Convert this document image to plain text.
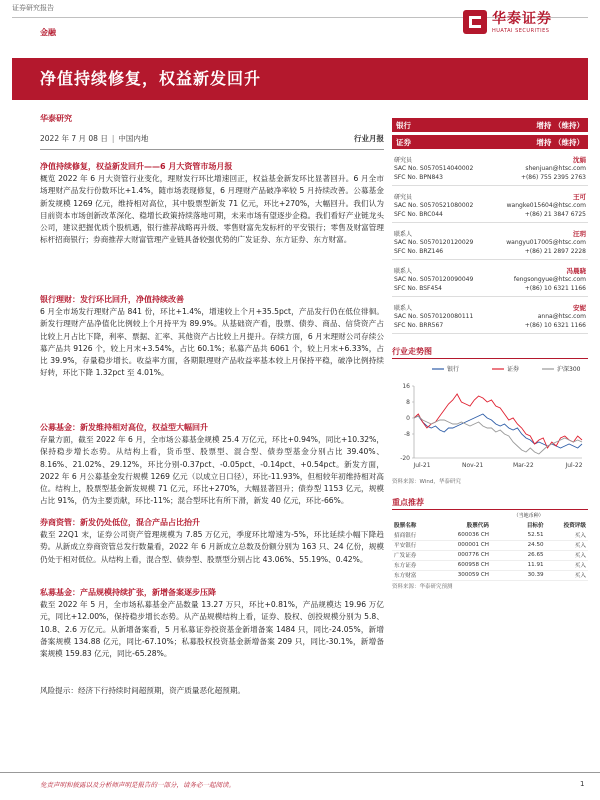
证券研究报告
金融
华泰证券
HUATAI SECURITIES
净值持续修复，权益新发回升
华泰研究
2022 年 7 月 08 日 | 中国内地	行业月报
净值持续修复，权益新发回升——6 月大资管市场月报
概览 2022 年 6 月大资管行业变化，理财发行环比增速回正，权益基金新发环比显著回升。6 月全市场理财产品发行份数环比+1.4%，随市场表现修复，6 月理财产品破净率较 5 月持续改善。公募基金新发规模 1269 亿元，维持相对高位，其中股票型新发 71 亿元，环比+270%，大幅回升。我们认为目前资本市场创新改革深化、稳增长政策持续落地可期，未来市场有望逐步企稳。我们看好产业链龙头公司，建议把握优质个股机遇，银行推荐战略再升级、零售财富先发标杆的平安银行；零售及财富管理标杆招商银行；券商推荐大财富管理产业链具备较强优势的广发证券、东方证券、东方财富。
银行理财：发行环比回升，净值持续改善
6 月全市场发行理财产品 841 份，环比+1.4%，增速较上个月+35.5pct，产品发行仍在低位徘徊。新发行理财产品净值化比例较上个月持平为 89.9%。从基础资产看，股票、债券、商品、信贷资产占比较上月占比下降，利率、票据、汇率、其他资产占比较上月提升。存续方面，6 月末理财公司存续公募产品共 9126 个，较上月末+3.54%，占比 60.1%；私募产品共 6061 个，较上月末+6.33%，占比 39.9%，存量稳步增长。收益率方面，各期限理财产品收益率基本较上月保持平稳，破净比例持续好转，环比下降 1.32pct 至 4.01%。
公募基金：新发维持相对高位，权益型大幅回升
存量方面，截至 2022 年 6 月，全市场公募基金规模 25.4 万亿元，环比+0.94%，同比+10.32%，保持稳步增长态势。从结构上看，货币型、股票型、混合型、债券型基金分别占比 39.40%、8.16%、21.02%、29.12%，环比分别-0.37pct、-0.05pct、-0.14pct、+0.54pct。新发方面，2022 年 6 月公募基金发行规模 1269 亿元（以成立日口径），环比-11.93%，但相较年初维持相对高位。结构上，股票型基金新发规模 71 亿元，环比+270%，大幅显著回升；债券型 1153 亿元，规模占比 91%，仍为主要贡献，环比-11%；混合型环比有所下滑，新发 40 亿元，环比-66%。
券商资管：新发仍处低位，混合产品占比抬升
截至 22Q1 末，证券公司资产管理规模为 7.85 万亿元，季度环比增速为-5%，环比延续小幅下降趋势。从新成立券商资管总发行数量看，2022 年 6 月新成立总数及份额分别为 163 只、24 亿份，规模仍处于相对低位。从结构上看，混合型、债券型、股票型分别占比 43.06%、55.19%、0.42%。
私募基金：产品规模持续扩张，新增备案逐步压降
截至 2022 年 5 月，全市场私募基金产品数量 13.27 万只，环比+0.81%，产品规模达 19.96 万亿元，同比+12.00%，保持稳步增长态势。从产品规模结构上看，证券、股权、创投规模分别为 5.8、10.8、2.6 万亿元。从新增备案看，5 月私募证券投资基金新增备案 1484 只，同比-24.05%，新增备案规模 134.88 亿元，同比-67.10%；私募股权投资基金新增备案 209 只，同比-30.1%，新增备案规模 159.83 亿元，同比-65.28%。
风险提示：经济下行持续时间超预期，资产质量恶化超预期。
银行	增持 （维持）
证券	增持 （维持）
研究员	沈娟
SAC No. S0570514040002	shenjuan@htsc.com
SFC No. BPN843	+(86) 755 2395 2763
研究员	王可
SAC No. S0570521080002	wangke015604@htsc.com
SFC No. BRC044	+(86) 21 3847 6725
联系人	汪玥
SAC No. S0570120120029	wangyu017005@htsc.com
SFC No. BRZ146	+(86) 21 2897 2228
联系人	冯晨晓
SAC No. S0570120090049	fengsongyue@htsc.com
SFC No. BSF454	+(86) 10 6321 1166
联系人	安妮
SAC No. S0570120080111	anna@htsc.com
SFC No. BRR567	+(86) 10 6321 1166
行业走势图
16
8
0
-8
-20
Jul-21	Nov-21	Mar-22	Jul-22
银行	证券	沪深300
资料来源：Wind，华泰研究
重点推荐
		（当地币种）	
股票名称	股票代码	目标价	投资评级
招商银行	600036 CH	52.51	买入
平安银行	000001 CH	24.50	买入
广发证券	000776 CH	26.65	买入
东方证券	600958 CH	11.91	买入
东方财富	300059 CH	30.39	买入
资料来源：华泰研究预测
免责声明和披露以及分析师声明是报告的一部分，请务必一起阅读。	1
